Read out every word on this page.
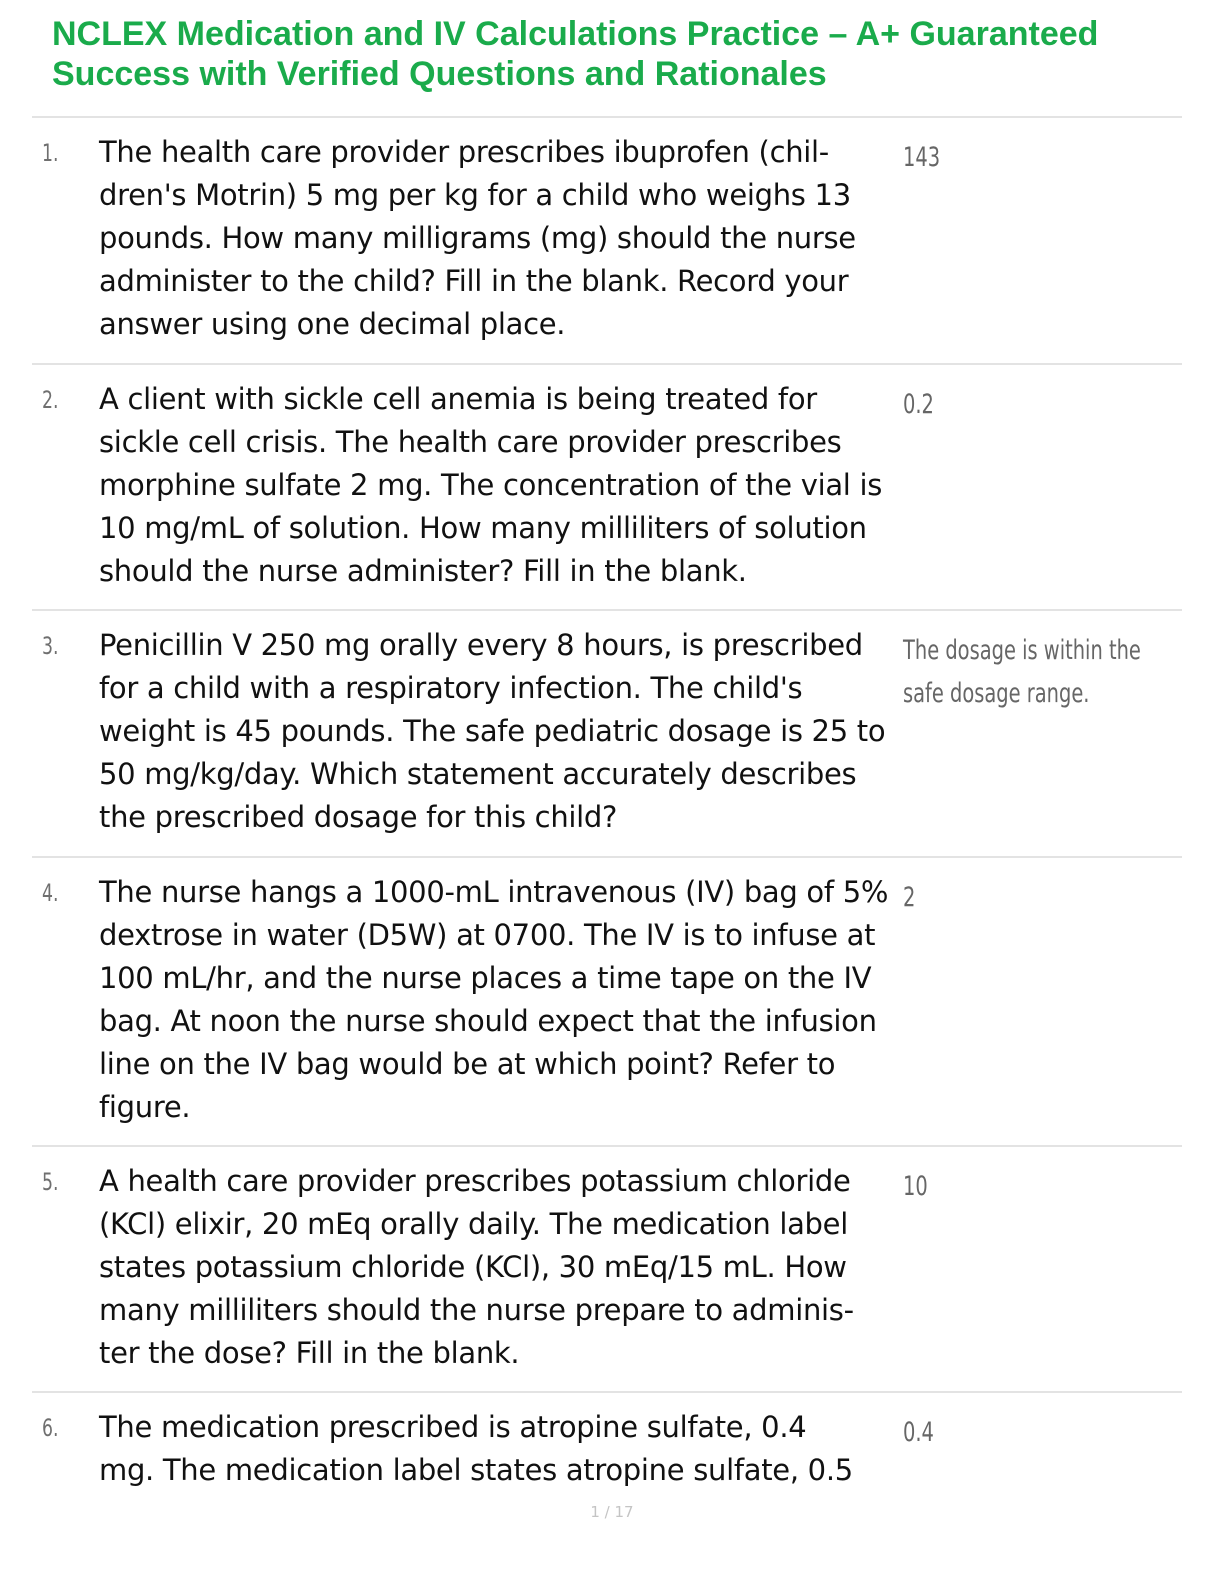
NCLEX Medication and IV Calculations Practice – A+ Guaranteed Success with Verified Questions and Rationales
1. The health care provider prescribes ibuprofen (chil-
dren's Motrin) 5 mg per kg for a child who weighs 13
pounds. How many milligrams (mg) should the nurse
administer to the child? Fill in the blank. Record your
answer using one decimal place.

143

2. A client with sickle cell anemia is being treated for
sickle cell crisis. The health care provider prescribes
morphine sulfate 2 mg. The concentration of the vial is
10 mg/mL of solution. How many milliliters of solution
should the nurse administer? Fill in the blank.

0.2

3. Penicillin V 250 mg orally every 8 hours, is prescribed
for a child with a respiratory infection. The child's
weight is 45 pounds. The safe pediatric dosage is 25 to
50 mg/kg/day. Which statement accurately describes
the prescribed dosage for this child?

The dosage is within the
safe dosage range.

4. The nurse hangs a 1000-mL intravenous (IV) bag of 5%
dextrose in water (D5W) at 0700. The IV is to infuse at
100 mL/hr, and the nurse places a time tape on the IV
bag. At noon the nurse should expect that the infusion
line on the IV bag would be at which point? Refer to
figure.

2

5. A health care provider prescribes potassium chloride
(KCl) elixir, 20 mEq orally daily. The medication label
states potassium chloride (KCl), 30 mEq/15 mL. How
many milliliters should the nurse prepare to adminis-
ter the dose? Fill in the blank.

10

6. The medication prescribed is atropine sulfate, 0.4
mg. The medication label states atropine sulfate, 0.5

0.4

1 / 17
